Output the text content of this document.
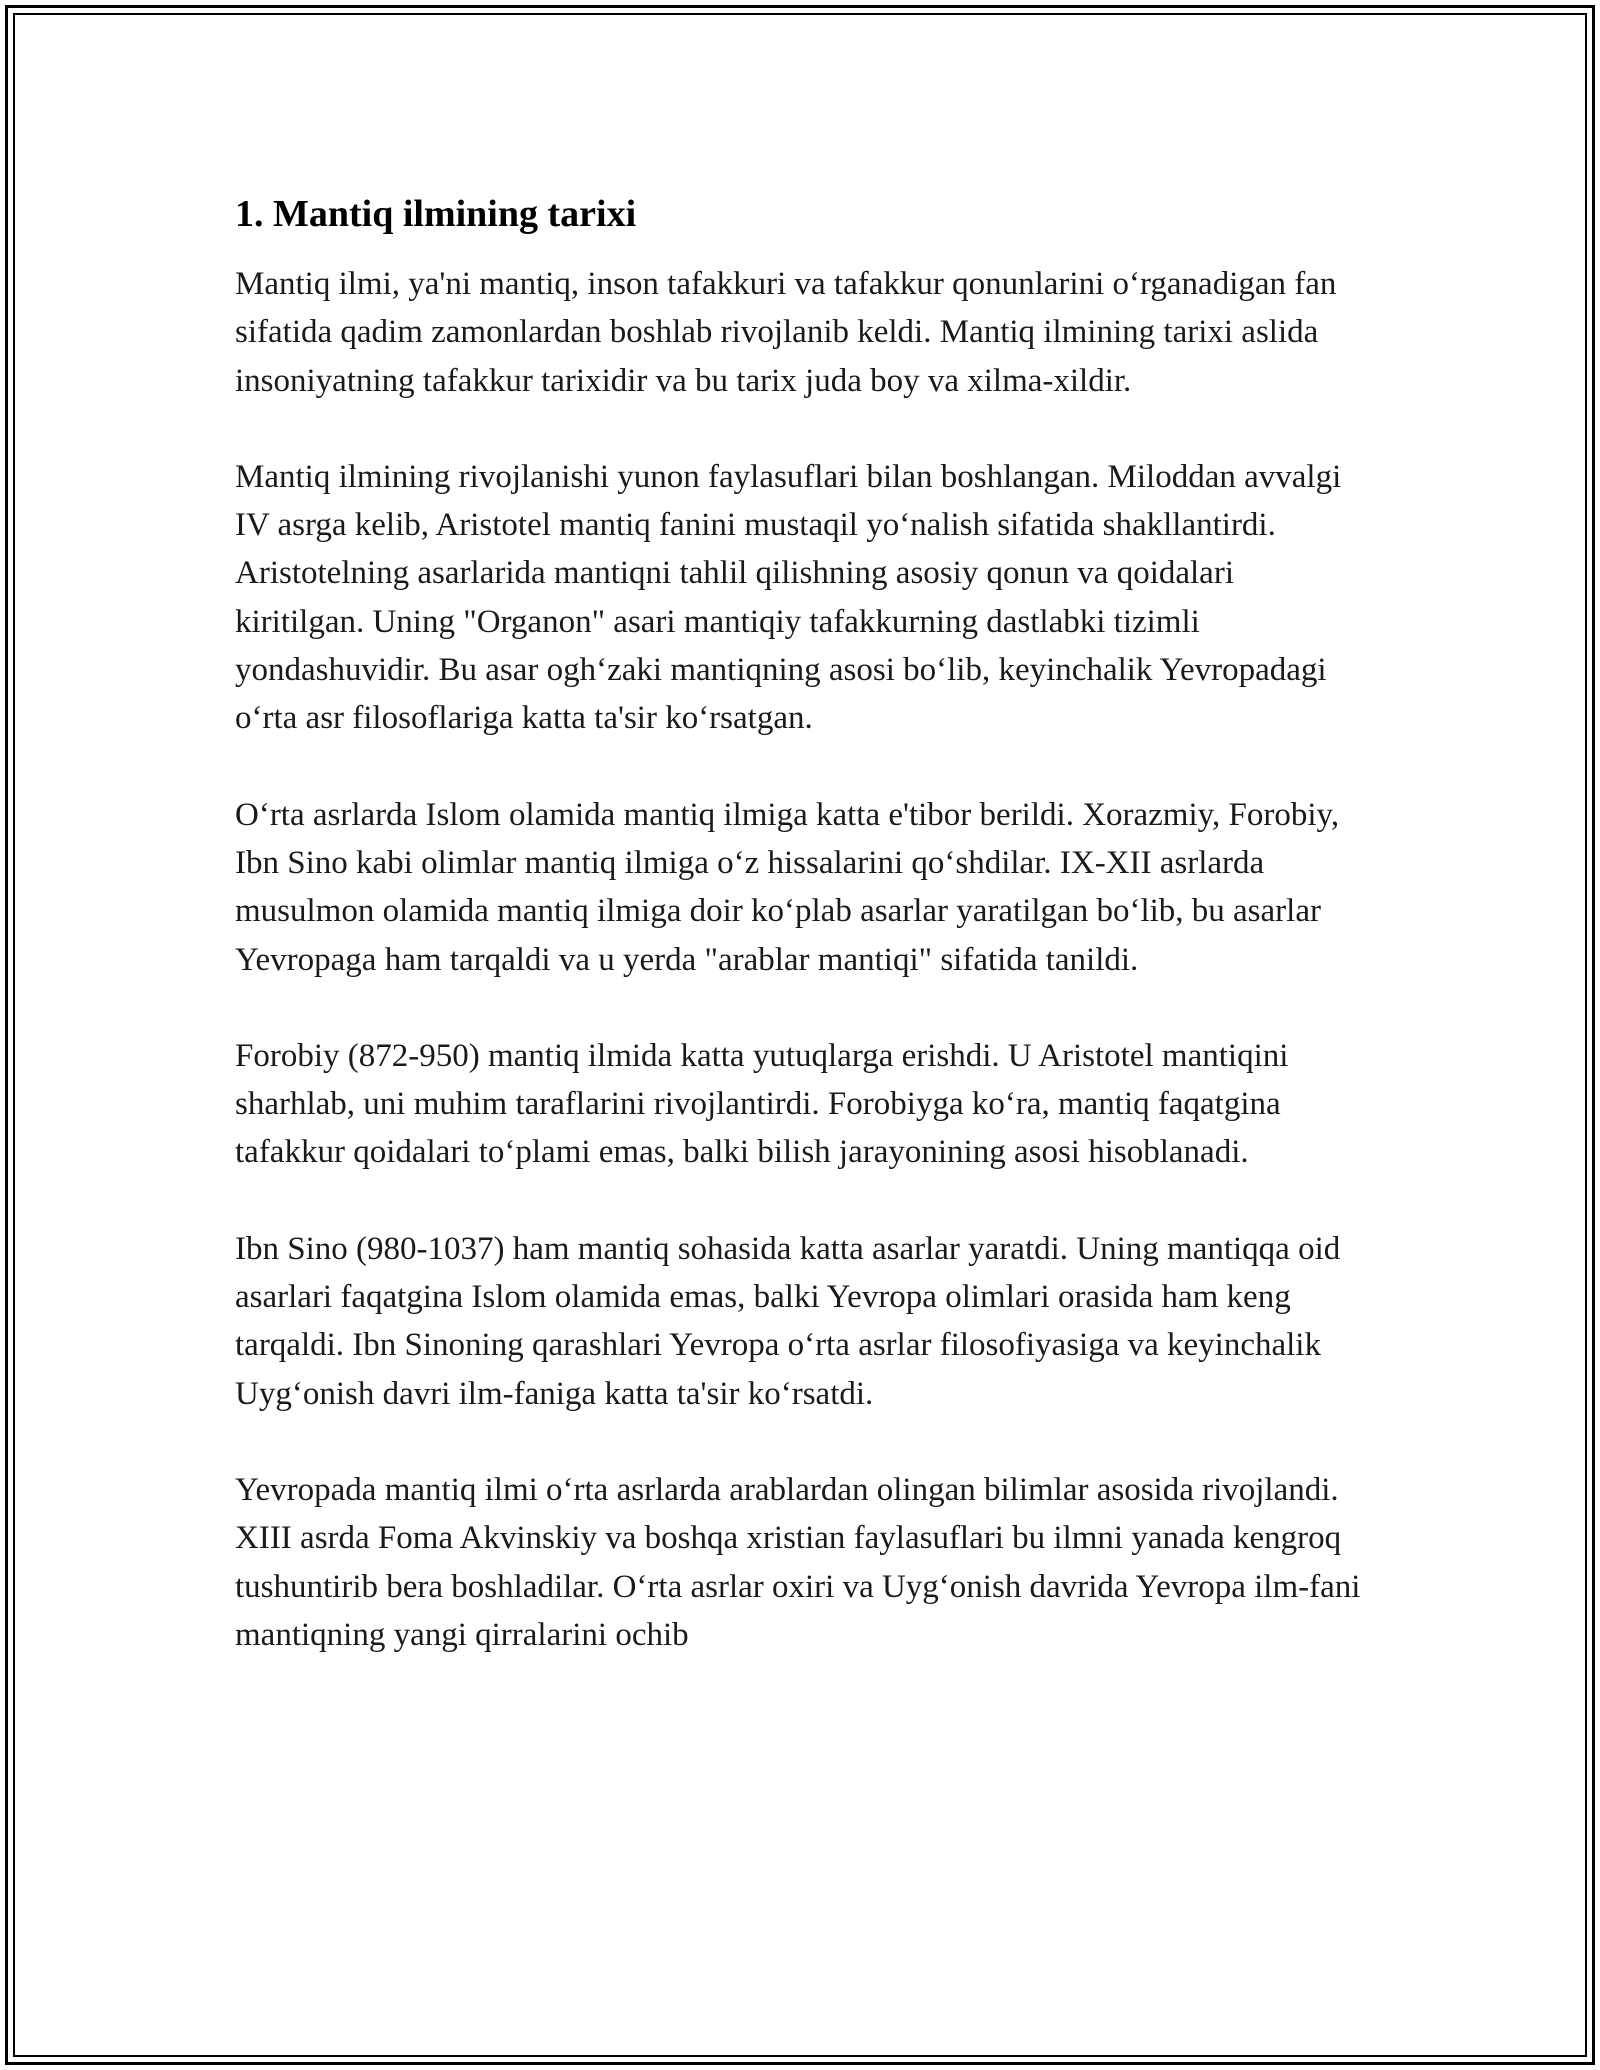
1. Mantiq ilmining tarixi

Mantiq ilmi, ya'ni mantiq, inson tafakkuri va tafakkur qonunlarini o‘rganadigan fan sifatida qadim zamonlardan boshlab rivojlanib keldi. Mantiq ilmining tarixi aslida insoniyatning tafakkur tarixidir va bu tarix juda boy va xilma-xildir.

Mantiq ilmining rivojlanishi yunon faylasuflari bilan boshlangan. Miloddan avvalgi IV asrga kelib, Aristotel mantiq fanini mustaqil yo‘nalish sifatida shakllantirdi. Aristotelning asarlarida mantiqni tahlil qilishning asosiy qonun va qoidalari kiritilgan. Uning "Organon" asari mantiqiy tafakkurning dastlabki tizimli yondashuvidir. Bu asar ogh‘zaki mantiqning asosi bo‘lib, keyinchalik Yevropadagi o‘rta asr filosoflariga katta ta'sir ko‘rsatgan.

O‘rta asrlarda Islom olamida mantiq ilmiga katta e'tibor berildi. Xorazmiy, Forobiy, Ibn Sino kabi olimlar mantiq ilmiga o‘z hissalarini qo‘shdilar. IX-XII asrlarda musulmon olamida mantiq ilmiga doir ko‘plab asarlar yaratilgan bo‘lib, bu asarlar Yevropaga ham tarqaldi va u yerda "arablar mantiqi" sifatida tanildi.

Forobiy (872-950) mantiq ilmida katta yutuqlarga erishdi. U Aristotel mantiqini sharhlab, uni muhim taraflarini rivojlantirdi. Forobiyga ko‘ra, mantiq faqatgina tafakkur qoidalari to‘plami emas, balki bilish jarayonining asosi hisoblanadi.

Ibn Sino (980-1037) ham mantiq sohasida katta asarlar yaratdi. Uning mantiqqa oid asarlari faqatgina Islom olamida emas, balki Yevropa olimlari orasida ham keng tarqaldi. Ibn Sinoning qarashlari Yevropa o‘rta asrlar filosofiyasiga va keyinchalik Uyg‘onish davri ilm-faniga katta ta'sir ko‘rsatdi.

Yevropada mantiq ilmi o‘rta asrlarda arablardan olingan bilimlar asosida rivojlandi. XIII asrda Foma Akvinskiy va boshqa xristian faylasuflari bu ilmni yanada kengroq tushuntirib bera boshladilar. O‘rta asrlar oxiri va Uyg‘onish davrida Yevropa ilm-fani mantiqning yangi qirralarini ochib
